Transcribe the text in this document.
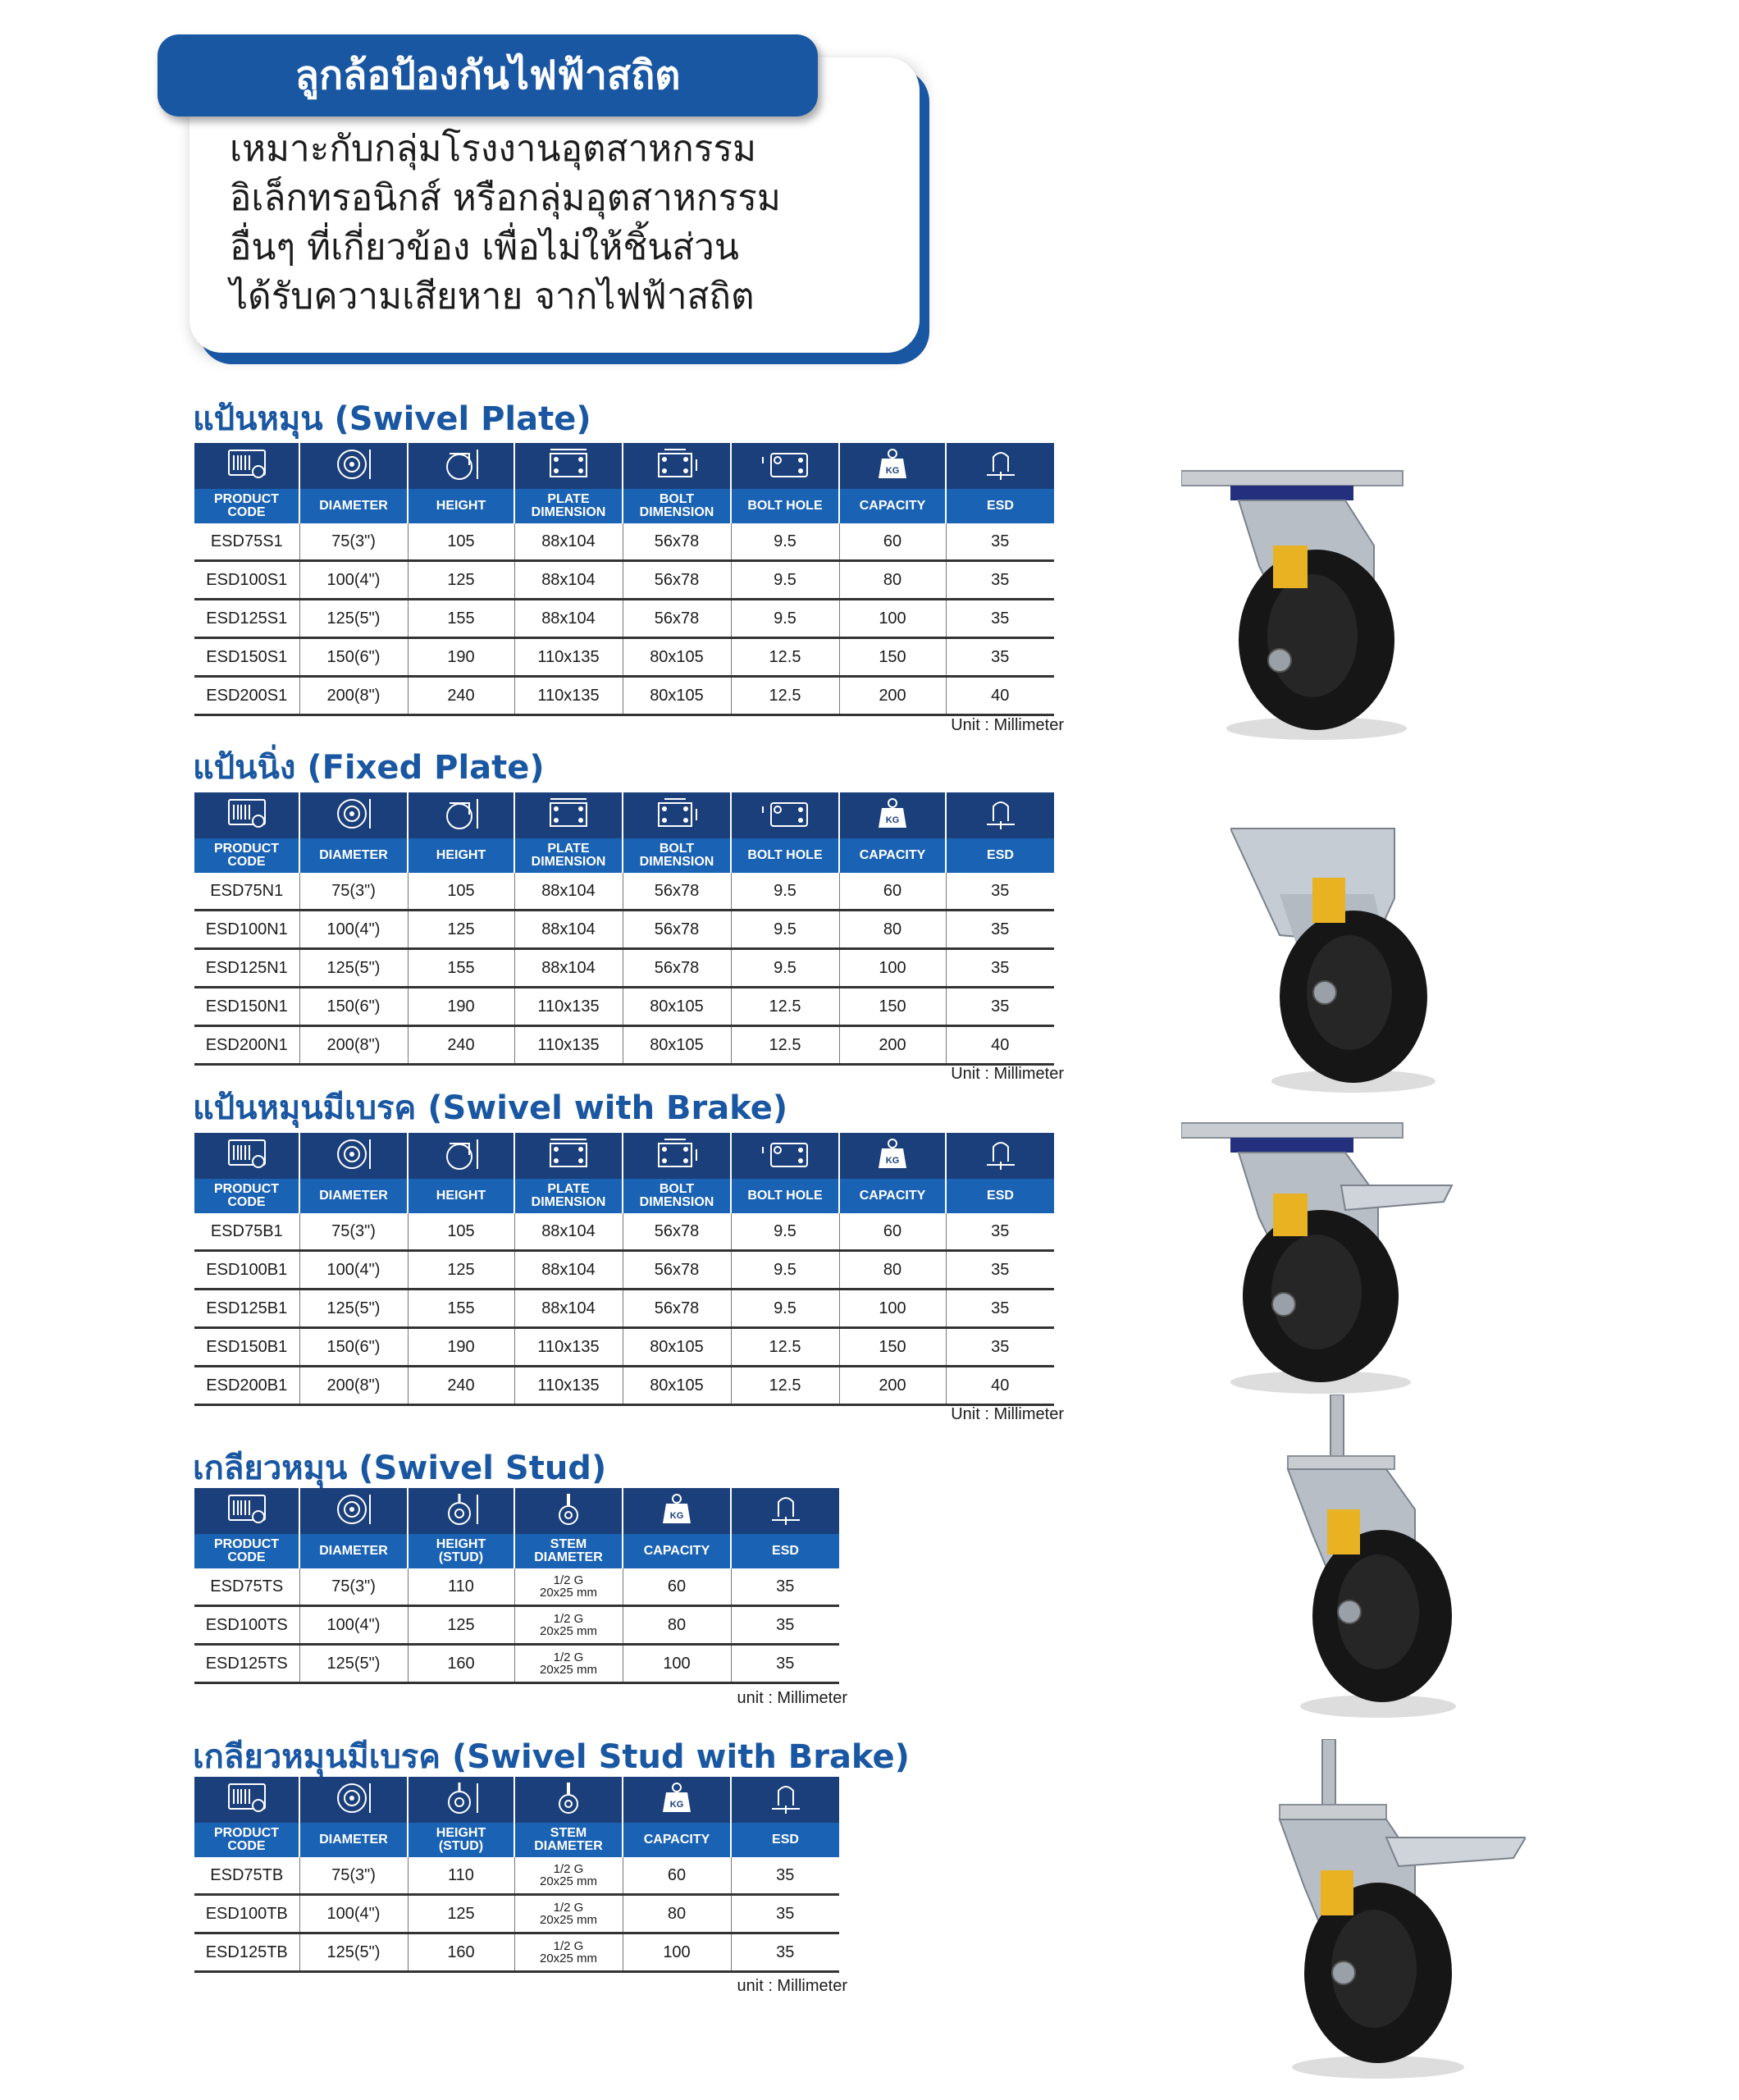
ลูกล้อป้องกันไฟฟ้าสถิต
เหมาะกับกลุ่มโรงงานอุตสาหกรรม
อิเล็กทรอนิกส์ หรือกลุ่มอุตสาหกรรม
อื่นๆ ที่เกี่ยวข้อง เพื่อไม่ให้ชิ้นส่วน
ได้รับความเสียหาย จากไฟฟ้าสถิต
แป้นหมุน (Swivel Plate)

KG

PRODUCT
CODE	DIAMETER	HEIGHT	PLATE
DIMENSION	BOLT
DIMENSION	BOLT HOLE	CAPACITY	ESD
ESD75S1	75(3")	105	88x104	56x78	9.5	60	35
ESD100S1	100(4")	125	88x104	56x78	9.5	80	35
ESD125S1	125(5")	155	88x104	56x78	9.5	100	35
ESD150S1	150(6")	190	110x135	80x105	12.5	150	35
ESD200S1	200(8")	240	110x135	80x105	12.5	200	40
Unit : Millimeter
แป้นนิ่ง (Fixed Plate)

KG

PRODUCT
CODE	DIAMETER	HEIGHT	PLATE
DIMENSION	BOLT
DIMENSION	BOLT HOLE	CAPACITY	ESD
ESD75N1	75(3")	105	88x104	56x78	9.5	60	35
ESD100N1	100(4")	125	88x104	56x78	9.5	80	35
ESD125N1	125(5")	155	88x104	56x78	9.5	100	35
ESD150N1	150(6")	190	110x135	80x105	12.5	150	35
ESD200N1	200(8")	240	110x135	80x105	12.5	200	40
Unit : Millimeter
แป้นหมุนมีเบรค (Swivel with Brake)

KG

PRODUCT
CODE	DIAMETER	HEIGHT	PLATE
DIMENSION	BOLT
DIMENSION	BOLT HOLE	CAPACITY	ESD
ESD75B1	75(3")	105	88x104	56x78	9.5	60	35
ESD100B1	100(4")	125	88x104	56x78	9.5	80	35
ESD125B1	125(5")	155	88x104	56x78	9.5	100	35
ESD150B1	150(6")	190	110x135	80x105	12.5	150	35
ESD200B1	200(8")	240	110x135	80x105	12.5	200	40
Unit : Millimeter
เกลียวหมุน (Swivel Stud)

KG

PRODUCT
CODE	DIAMETER	HEIGHT
(STUD)	STEM
DIAMETER	CAPACITY	ESD
ESD75TS	75(3")	110	1/2 G
20x25 mm	60	35
ESD100TS	100(4")	125	1/2 G
20x25 mm	80	35
ESD125TS	125(5")	160	1/2 G
20x25 mm	100	35
unit : Millimeter
เกลียวหมุนมีเบรค (Swivel Stud with Brake)

KG

PRODUCT
CODE	DIAMETER	HEIGHT
(STUD)	STEM
DIAMETER	CAPACITY	ESD
ESD75TB	75(3")	110	1/2 G
20x25 mm	60	35
ESD100TB	100(4")	125	1/2 G
20x25 mm	80	35
ESD125TB	125(5")	160	1/2 G
20x25 mm	100	35
unit : Millimeter
